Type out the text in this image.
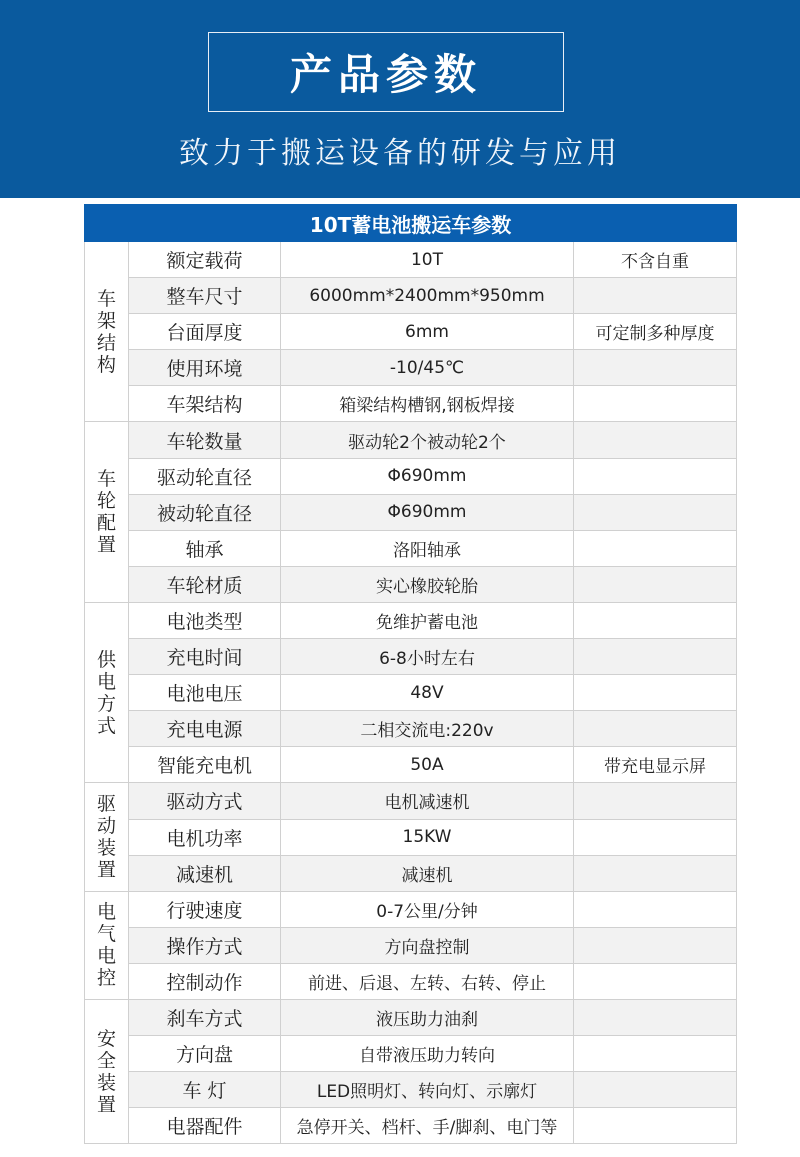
产品参数
致力于搬运设备的研发与应用
10T蓄电池搬运车参数			

车架结构	额定载荷	10T	不含自重
	整车尺寸	6000mm*2400mm*950mm	
	台面厚度	6mm	可定制多种厚度
	使用环境	-10/45℃	
	车架结构	箱梁结构槽钢,钢板焊接	

车轮配置	车轮数量	驱动轮2个被动轮2个	
	驱动轮直径	Φ690mm	
	被动轮直径	Φ690mm	
	轴承	洛阳轴承	
	车轮材质	实心橡胶轮胎	

供电方式	电池类型	免维护蓄电池	
	充电时间	6-8小时左右	
	电池电压	48V	
	充电电源	二相交流电:220v	
	智能充电机	50A	带充电显示屏

驱动装置	驱动方式	电机减速机	
	电机功率	15KW	
	减速机	减速机	

电气电控	行驶速度	0-7公里/分钟	
	操作方式	方向盘控制	
	控制动作	前进、后退、左转、右转、停止	

安全装置	刹车方式	液压助力油刹	
	方向盘	自带液压助力转向	
	车 灯	LED照明灯、转向灯、示廓灯	
	电器配件	急停开关、档杆、手/脚刹、电门等	
